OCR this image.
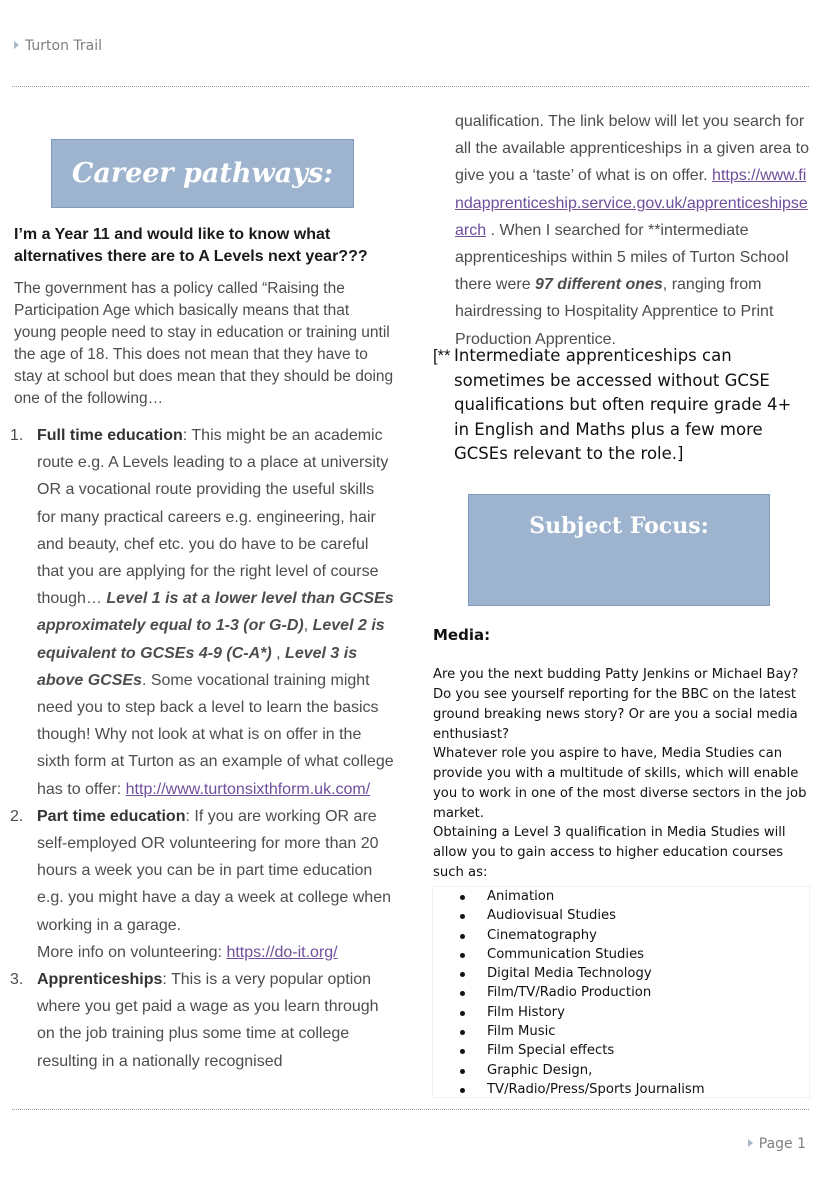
Turton Trail
Career pathways:
I’m a Year 11 and would like to know what alternatives there are to A Levels next year???
The government has a policy called “Raising the Participation Age which basically means that that young people need to stay in education or training until the age of 18. This does not mean that they have to stay at school but does mean that they should be doing one of the following…
1. Full time education: This might be an academic route e.g. A Levels leading to a place at university OR a vocational route providing the useful skills for many practical careers e.g. engineering, hair and beauty, chef etc. you do have to be careful that you are applying for the right level of course though… Level 1 is at a lower level than GCSEs approximately equal to 1-3 (or G-D), Level 2 is equivalent to GCSEs 4-9 (C-A*) , Level 3 is above GCSEs. Some vocational training might need you to step back a level to learn the basics though! Why not look at what is on offer in the sixth form at Turton as an example of what college has to offer: http://www.turtonsixthform.uk.com/
2. Part time education: If you are working OR are self-employed OR volunteering for more than 20 hours a week you can be in part time education e.g. you might have a day a week at college when working in a garage.
More info on volunteering: https://do-it.org/
3. Apprenticeships: This is a very popular option where you get paid a wage as you learn through on the job training plus some time at college resulting in a nationally recognised
qualification. The link below will let you search for all the available apprenticeships in a given area to give you a ‘taste’ of what is on offer. https://www.findapprenticeship.service.gov.uk/apprenticeshipsearch . When I searched for **intermediate apprenticeships within 5 miles of Turton School there were 97 different ones, ranging from hairdressing to Hospitality Apprentice to Print Production Apprentice.
[** Intermediate apprenticeships can sometimes be accessed without GCSE qualifications but often require grade 4+ in English and Maths plus a few more GCSEs relevant to the role.]
Subject Focus:
Media:
Are you the next budding Patty Jenkins or Michael Bay? Do you see yourself reporting for the BBC on the latest ground breaking news story? Or are you a social media enthusiast?
Whatever role you aspire to have, Media Studies can provide you with a multitude of skills, which will enable you to work in one of the most diverse sectors in the job market.
Obtaining a Level 3 qualification in Media Studies will allow you to gain access to higher education courses such as:
Animation
Audiovisual Studies
Cinematography
Communication Studies
Digital Media Technology
Film/TV/Radio Production
Film History
Film Music
Film Special effects
Graphic Design,
TV/Radio/Press/Sports Journalism
Page 1
